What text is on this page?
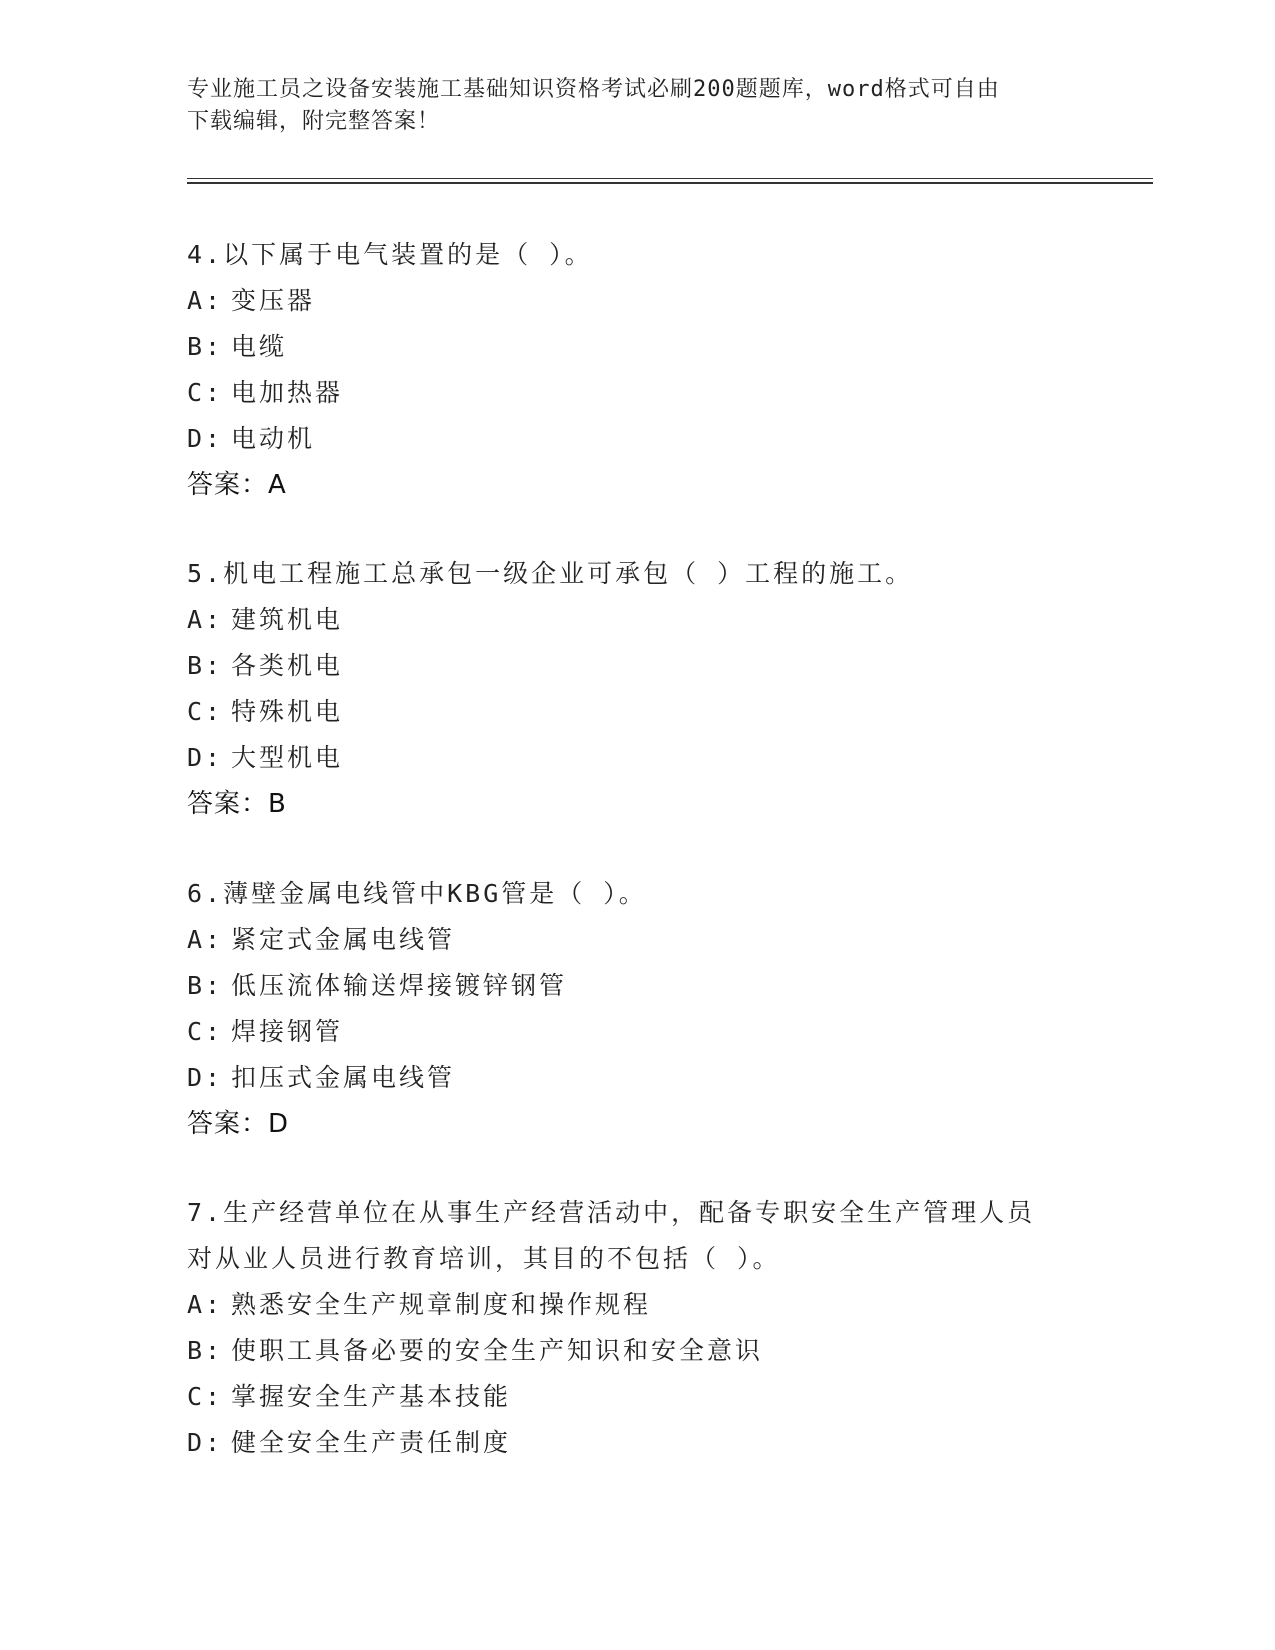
专业施工员之设备安装施工基础知识资格考试必刷200题题库，word格式可自由
下载编辑，附完整答案！
4.以下属于电气装置的是（ ）。
A: 变压器
B: 电缆
C: 电加热器
D: 电动机
答案：A
5.机电工程施工总承包一级企业可承包（ ）工程的施工。
A: 建筑机电
B: 各类机电
C: 特殊机电
D: 大型机电
答案：B
6.薄壁金属电线管中KBG管是（ ）。
A: 紧定式金属电线管
B: 低压流体输送焊接镀锌钢管
C: 焊接钢管
D: 扣压式金属电线管
答案：D
7.生产经营单位在从事生产经营活动中，配备专职安全生产管理人员
对从业人员进行教育培训，其目的不包括（ ）。
A: 熟悉安全生产规章制度和操作规程
B: 使职工具备必要的安全生产知识和安全意识
C: 掌握安全生产基本技能
D: 健全安全生产责任制度
